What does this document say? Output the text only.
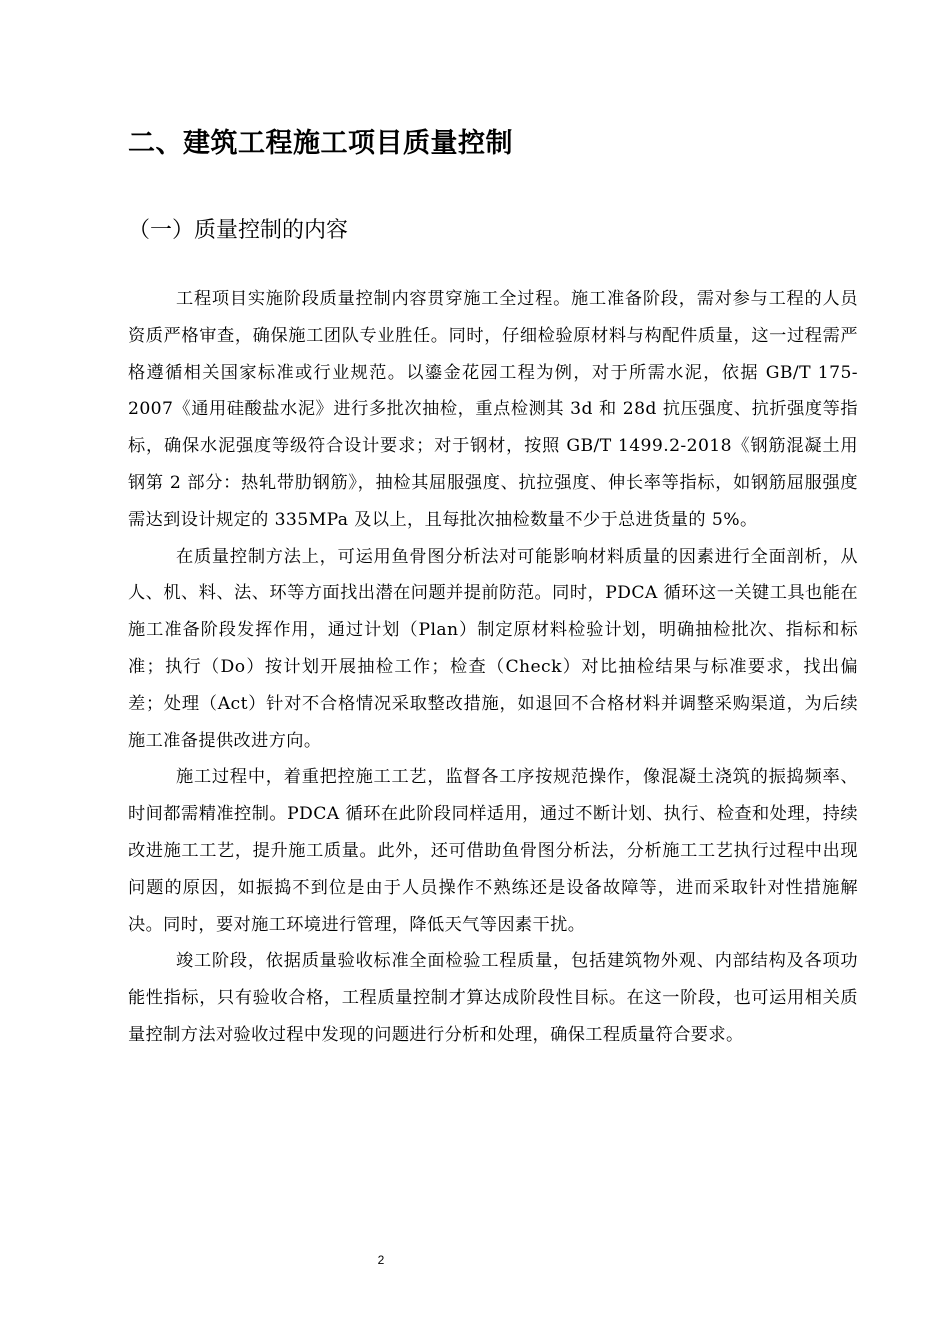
二、建筑工程施工项目质量控制
（一）质量控制的内容

工程项目实施阶段质量控制内容贯穿施工全过程。施工准备阶段，需对参与工程的人员资质严格审查，确保施工团队专业胜任。同时，仔细检验原材料与构配件质量，这一过程需严格遵循相关国家标准或行业规范。以鎏金花园工程为例，对于所需水泥，依据 GB/T 175-2007《通用硅酸盐水泥》进行多批次抽检，重点检测其 3d 和 28d 抗压强度、抗折强度等指标，确保水泥强度等级符合设计要求；对于钢材，按照 GB/T 1499.2-2018《钢筋混凝土用钢第 2 部分：热轧带肋钢筋》，抽检其屈服强度、抗拉强度、伸长率等指标，如钢筋屈服强度需达到设计规定的 335MPa 及以上，且每批次抽检数量不少于总进货量的 5%。

在质量控制方法上，可运用鱼骨图分析法对可能影响材料质量的因素进行全面剖析，从人、机、料、法、环等方面找出潜在问题并提前防范。同时，PDCA 循环这一关键工具也能在施工准备阶段发挥作用，通过计划（Plan）制定原材料检验计划，明确抽检批次、指标和标准；执行（Do）按计划开展抽检工作；检查（Check）对比抽检结果与标准要求，找出偏差；处理（Act）针对不合格情况采取整改措施，如退回不合格材料并调整采购渠道，为后续施工准备提供改进方向。

施工过程中，着重把控施工工艺，监督各工序按规范操作，像混凝土浇筑的振捣频率、时间都需精准控制。PDCA 循环在此阶段同样适用，通过不断计划、执行、检查和处理，持续改进施工工艺，提升施工质量。此外，还可借助鱼骨图分析法，分析施工工艺执行过程中出现问题的原因，如振捣不到位是由于人员操作不熟练还是设备故障等，进而采取针对性措施解决。同时，要对施工环境进行管理，降低天气等因素干扰。

竣工阶段，依据质量验收标准全面检验工程质量，包括建筑物外观、内部结构及各项功能性指标，只有验收合格，工程质量控制才算达成阶段性目标。在这一阶段，也可运用相关质量控制方法对验收过程中发现的问题进行分析和处理，确保工程质量符合要求。

2
